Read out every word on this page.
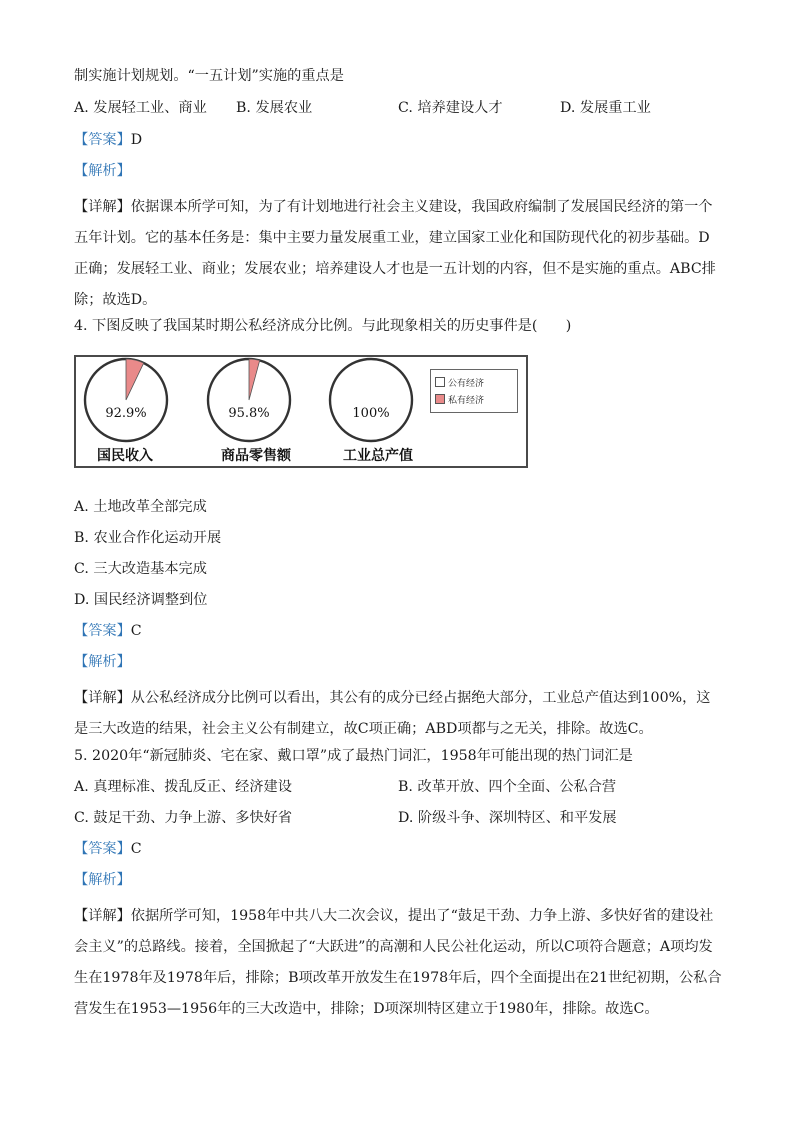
制实施计划规划。“一五计划”实施的重点是
A. 发展轻工业、商业 B. 发展农业	C. 培养建设人才	D. 发展重工业
【答案】D
【解析】
【详解】依据课本所学可知，为了有计划地进行社会主义建设，我国政府编制了发展国民经济的第一个五年计划。它的基本任务是：集中主要力量发展重工业，建立国家工业化和国防现代化的初步基础。D正确；发展轻工业、商业；发展农业；培养建设人才也是一五计划的内容，但不是实施的重点。ABC排除；故选D。
4. 下图反映了我国某时期公私经济成分比例。与此现象相关的历史事件是(　　)
92.9%	95.8%	100%
国民收入	商品零售额	工业总产值
公有经济
私有经济
A. 土地改革全部完成
B. 农业合作化运动开展
C. 三大改造基本完成
D. 国民经济调整到位
【答案】C
【解析】
【详解】从公私经济成分比例可以看出，其公有的成分已经占据绝大部分，工业总产值达到100%，这是三大改造的结果，社会主义公有制建立，故C项正确；ABD项都与之无关，排除。故选C。
5. 2020年“新冠肺炎、宅在家、戴口罩”成了最热门词汇，1958年可能出现的热门词汇是
A. 真理标准、拨乱反正、经济建设	B. 改革开放、四个全面、公私合营
C. 鼓足干劲、力争上游、多快好省	D. 阶级斗争、深圳特区、和平发展
【答案】C
【解析】
【详解】依据所学可知，1958年中共八大二次会议，提出了“鼓足干劲、力争上游、多快好省的建设社会主义”的总路线。接着，全国掀起了“大跃进”的高潮和人民公社化运动，所以C项符合题意；A项均发生在1978年及1978年后，排除；B项改革开放发生在1978年后，四个全面提出在21世纪初期，公私合营发生在1953—1956年的三大改造中，排除；D项深圳特区建立于1980年，排除。故选C。
